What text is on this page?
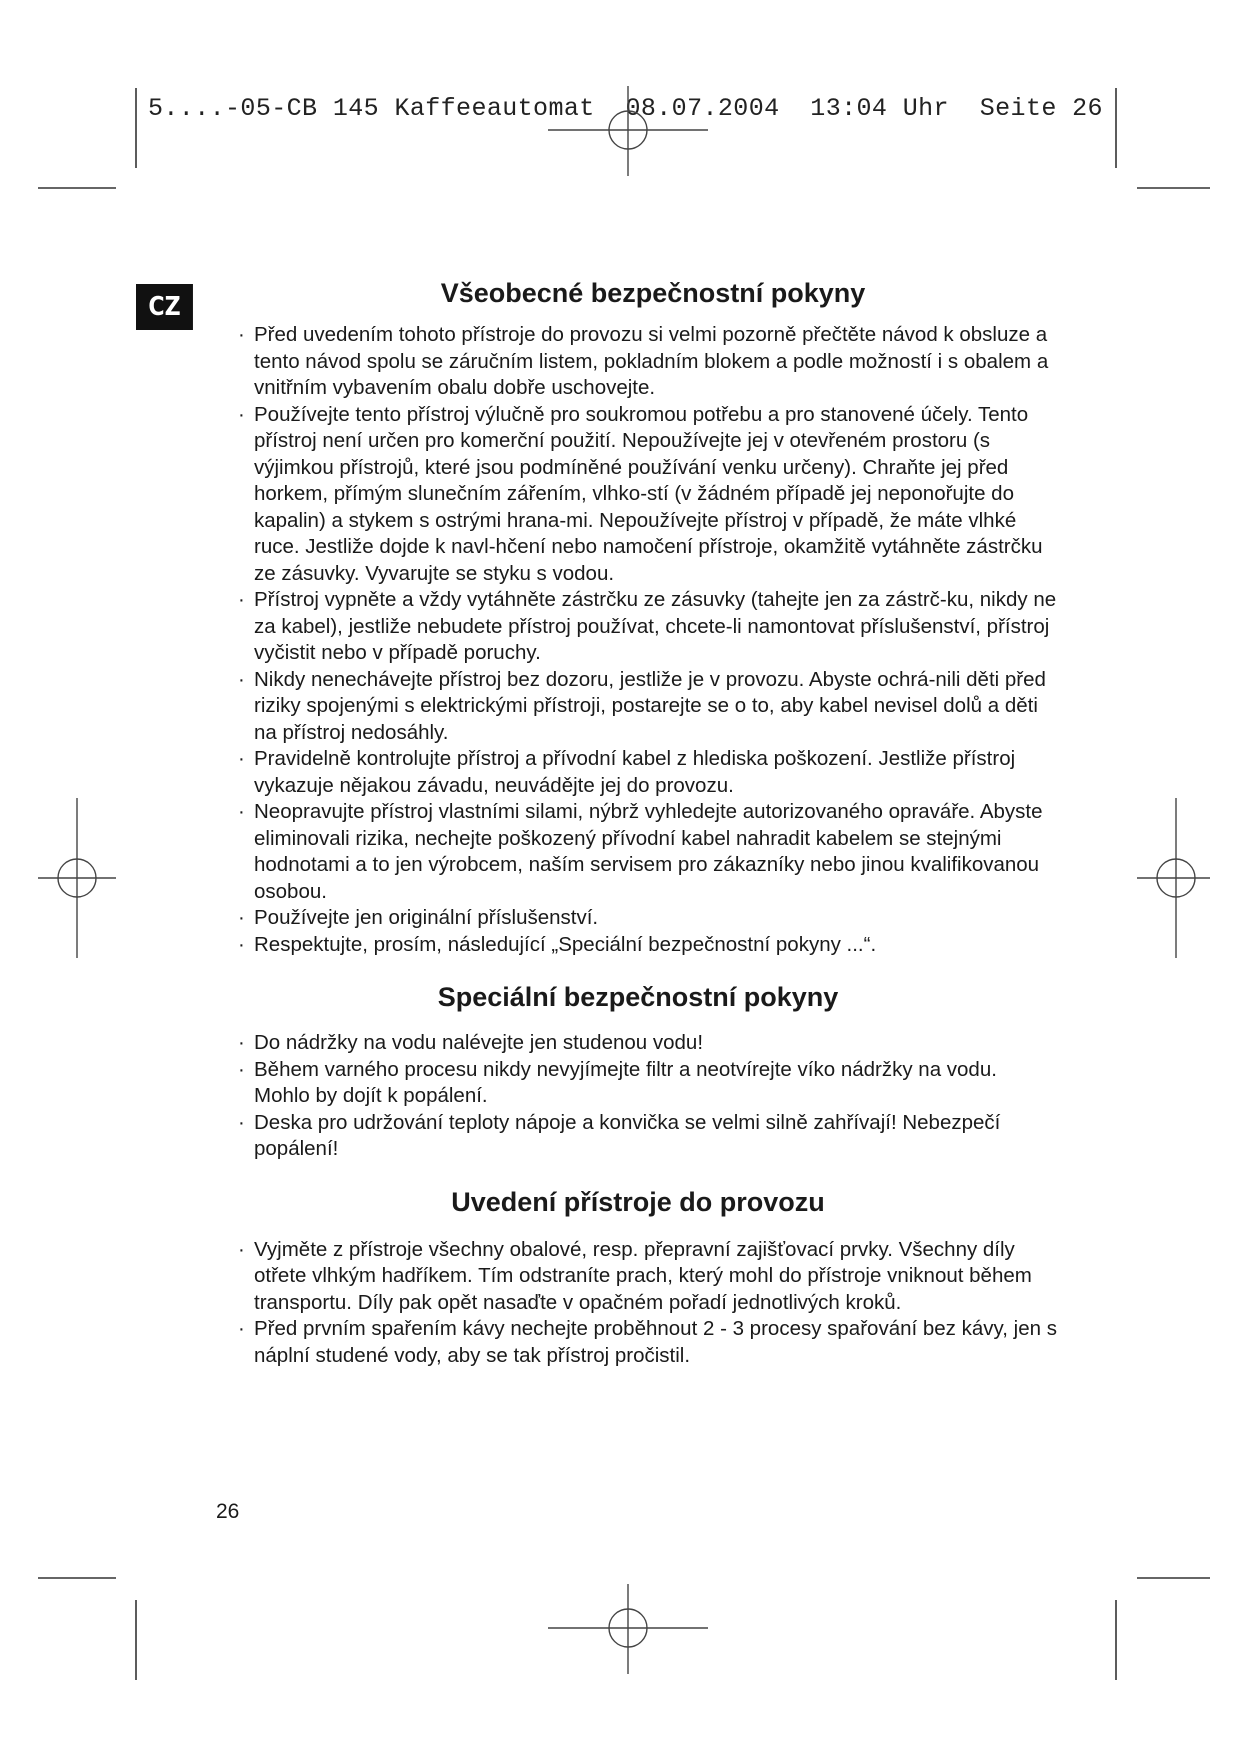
5....-05-CB 145 Kaffeeautomat  08.07.2004  13:04 Uhr  Seite 26
CZ	Všeobecné bezpečnostní pokyny
· Před uvedením tohoto přístroje do provozu si velmi pozorně přečtěte návod k obsluze a tento návod spolu se záručním listem, pokladním blokem a podle možností i s obalem a vnitřním vybavením obalu dobře uschovejte.
· Používejte tento přístroj výlučně pro soukromou potřebu a pro stanovené účely. Tento přístroj není určen pro komerční použití. Nepoužívejte jej v otevřeném prostoru (s výjimkou přístrojů, které jsou podmíněné používání venku určeny). Chraňte jej před horkem, přímým slunečním zářením, vlhko-stí (v žádném případě jej neponořujte do kapalin) a stykem s ostrými hrana-mi. Nepoužívejte přístroj v případě, že máte vlhké ruce. Jestliže dojde k navl-hčení nebo namočení přístroje, okamžitě vytáhněte zástrčku ze zásuvky. Vyvarujte se styku s vodou.
· Přístroj vypněte a vždy vytáhněte zástrčku ze zásuvky (tahejte jen za zástrč-ku, nikdy ne za kabel), jestliže nebudete přístroj používat, chcete-li namontovat příslušenství, přístroj vyčistit nebo v případě poruchy.
· Nikdy nenechávejte přístroj bez dozoru, jestliže je v provozu. Abyste ochrá-nili děti před riziky spojenými s elektrickými přístroji, postarejte se o to, aby kabel nevisel dolů a děti na přístroj nedosáhly.
· Pravidelně kontrolujte přístroj a přívodní kabel z hlediska poškození. Jestliže přístroj vykazuje nějakou závadu, neuvádějte jej do provozu.
· Neopravujte přístroj vlastními silami, nýbrž vyhledejte autorizovaného opraváře. Abyste eliminovali rizika, nechejte poškozený přívodní kabel nahradit kabelem se stejnými hodnotami a to jen výrobcem, naším servisem pro zákazníky nebo jinou kvalifikovanou osobou.
· Používejte jen originální příslušenství.
· Respektujte, prosím, následující „Speciální bezpečnostní pokyny ...“.
Speciální bezpečnostní pokyny
· Do nádržky na vodu nalévejte jen studenou vodu!
· Během varného procesu nikdy nevyjímejte filtr a neotvírejte víko nádržky na vodu. Mohlo by dojít k popálení.
· Deska pro udržování teploty nápoje a konvička se velmi silně zahřívají! Nebezpečí popálení!
Uvedení přístroje do provozu
· Vyjměte z přístroje všechny obalové, resp. přepravní zajišťovací prvky. Všechny díly otřete vlhkým hadříkem. Tím odstraníte prach, který mohl do přístroje vniknout během transportu. Díly pak opět nasaďte v opačném pořadí jednotlivých kroků.
· Před prvním spařením kávy nechejte proběhnout 2 - 3 procesy spařování bez kávy, jen s náplní studené vody, aby se tak přístroj pročistil.
26
